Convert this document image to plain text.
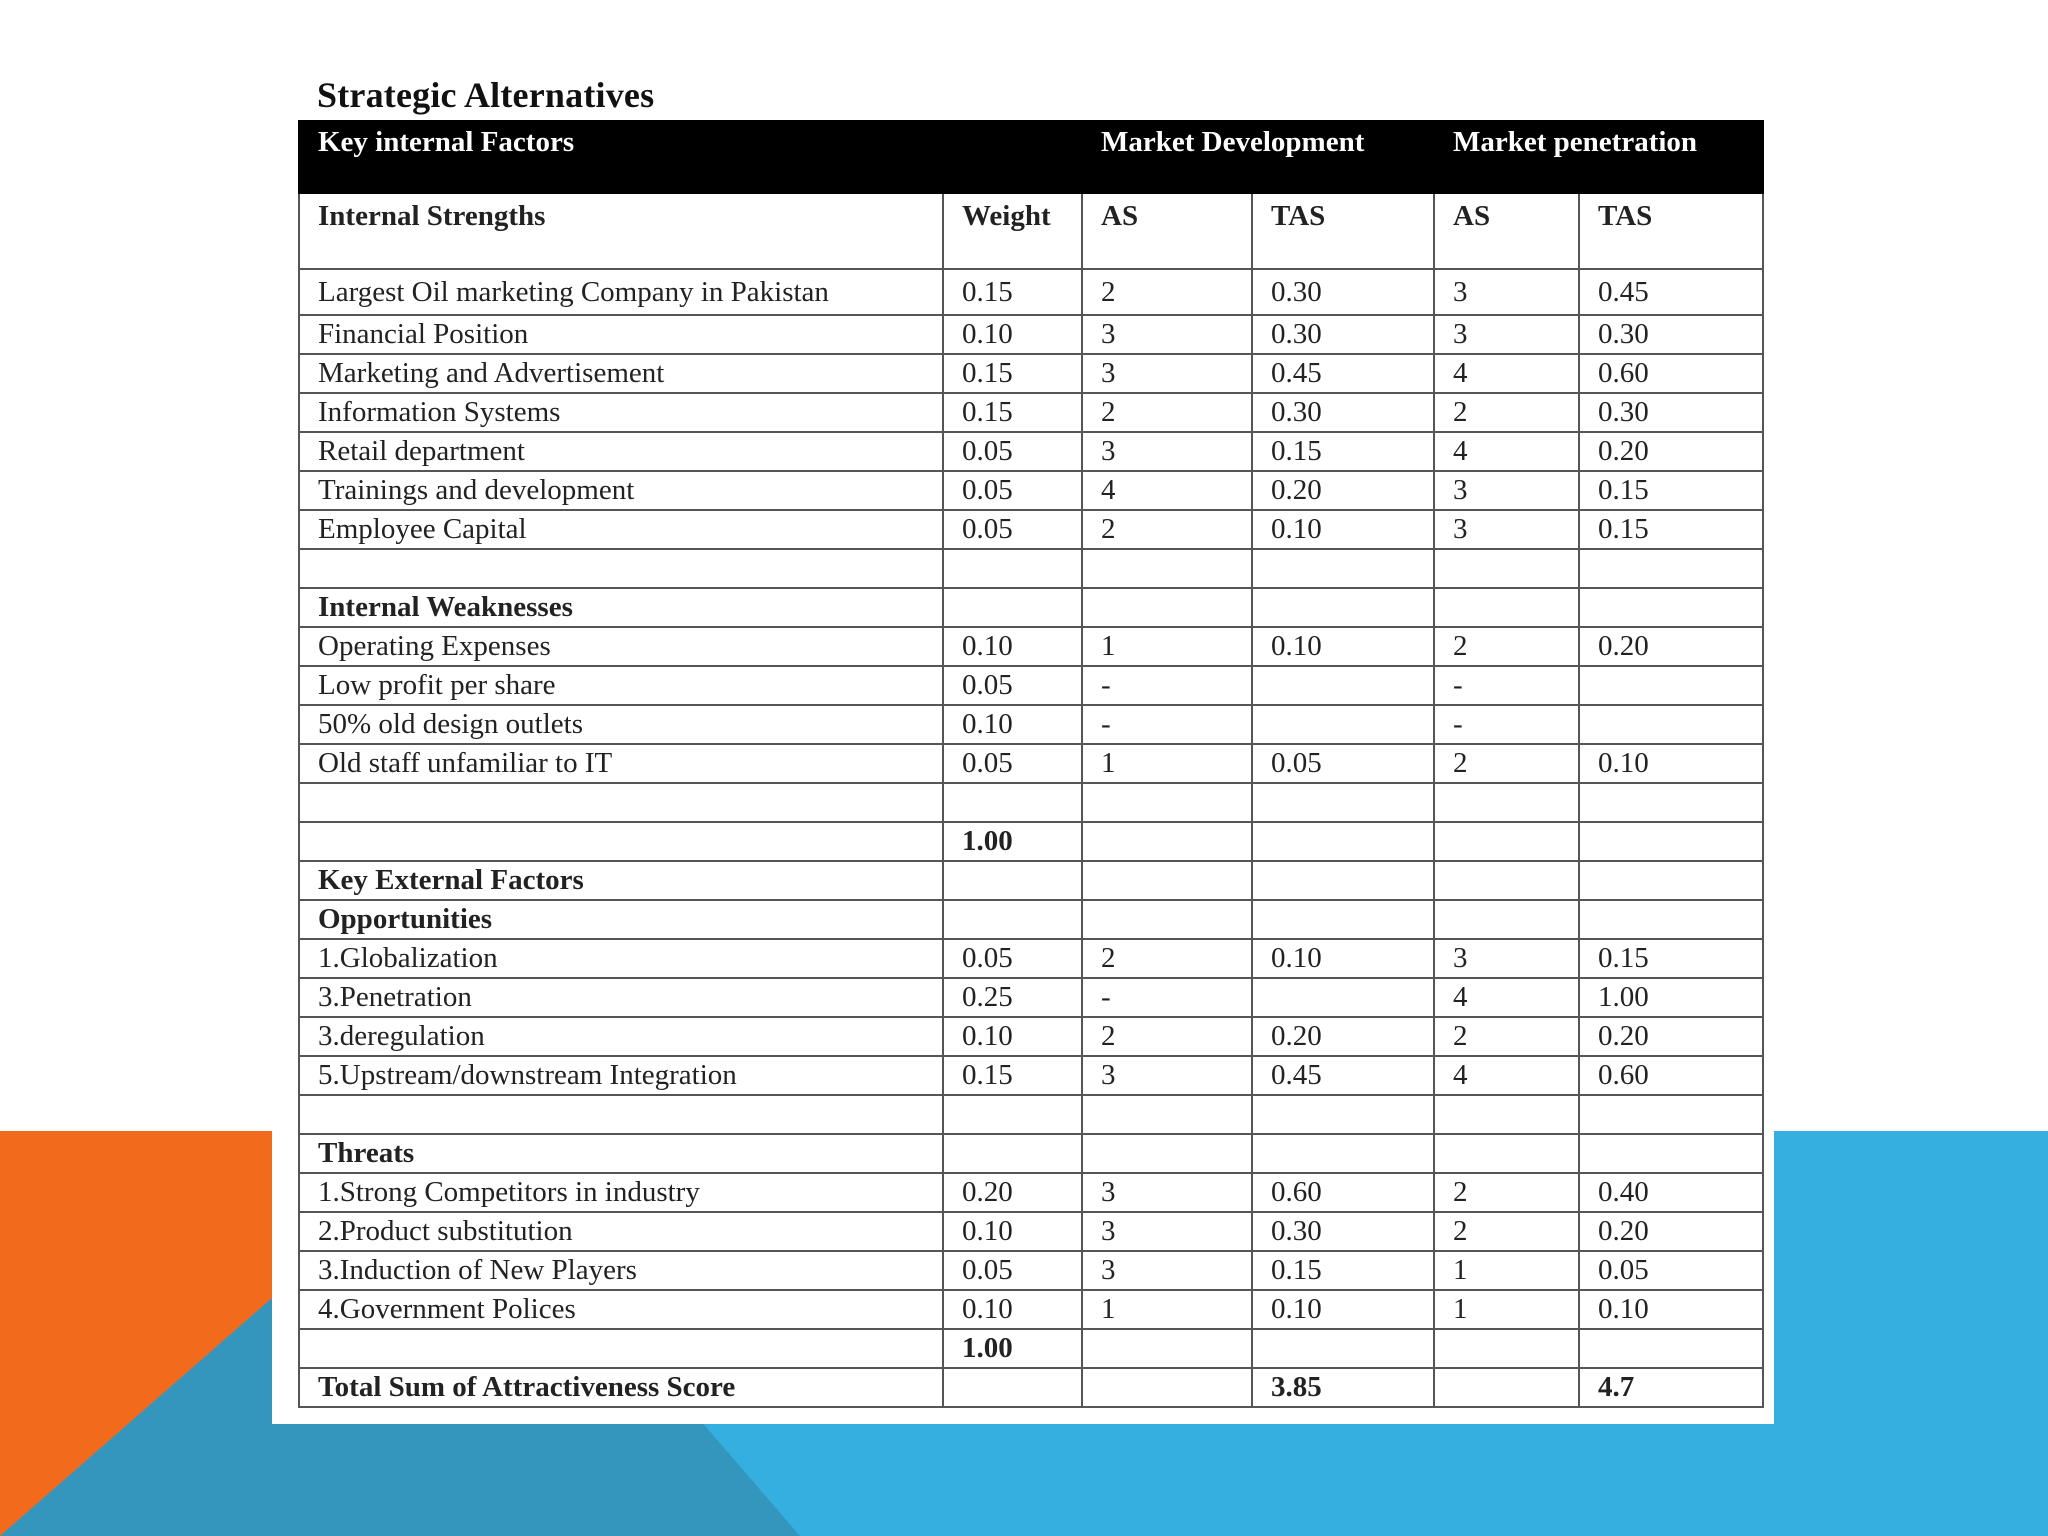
Strategic Alternatives
Key internal Factors		Market Development		Market penetration	
Internal Strengths	Weight	AS	TAS	AS	TAS
Largest Oil marketing Company in Pakistan	0.15	2	0.30	3	0.45
Financial Position	0.10	3	0.30	3	0.30
Marketing and Advertisement	0.15	3	0.45	4	0.60
Information Systems	0.15	2	0.30	2	0.30
Retail department	0.05	3	0.15	4	0.20
Trainings and development	0.05	4	0.20	3	0.15
Employee Capital	0.05	2	0.10	3	0.15

Internal Weaknesses					
Operating Expenses	0.10	1	0.10	2	0.20
Low profit per share	0.05	-		-	
50% old design outlets	0.10	-		-	
Old staff unfamiliar to IT	0.05	1	0.05	2	0.10

	1.00				
Key External Factors					
Opportunities					
1.Globalization	0.05	2	0.10	3	0.15
3.Penetration	0.25	-		4	1.00
3.deregulation	0.10	2	0.20	2	0.20
5.Upstream/downstream Integration	0.15	3	0.45	4	0.60

Threats					
1.Strong Competitors in industry	0.20	3	0.60	2	0.40
2.Product substitution	0.10	3	0.30	2	0.20
3.Induction of New Players	0.05	3	0.15	1	0.05
4.Government Polices	0.10	1	0.10	1	0.10
	1.00				
Total Sum of Attractiveness Score			3.85		4.7
